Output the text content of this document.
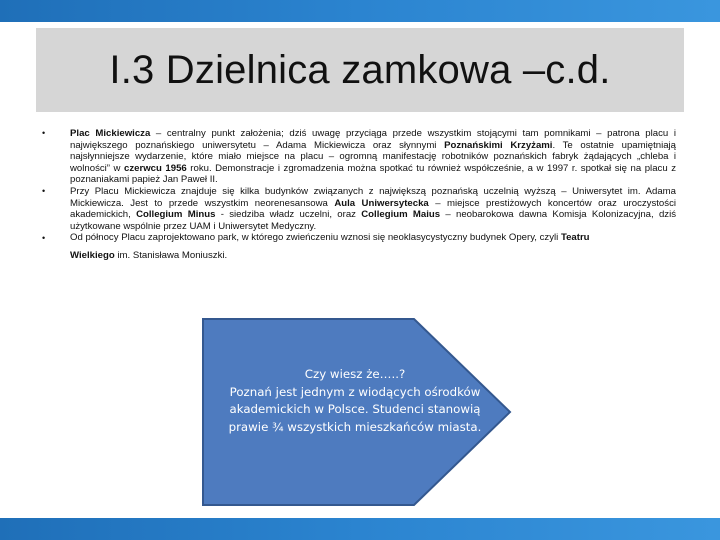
I.3 Dzielnica zamkowa –c.d.
•	Plac Mickiewicza – centralny punkt założenia; dziś uwagę przyciąga przede wszystkim stojącymi tam pomnikami – patrona placu i największego poznańskiego uniwersytetu – Adama Mickiewicza oraz słynnymi Poznańskimi Krzyżami. Te ostatnie upamiętniają najsłynniejsze wydarzenie, które miało miejsce na placu – ogromną manifestację robotników poznańskich fabryk żądających „chleba i wolności” w czerwcu 1956 roku. Demonstracje i zgromadzenia można spotkać tu również współcześnie, a w 1997 r. spotkał się na placu z poznaniakami papież Jan Paweł II.
•	Przy Placu Mickiewicza znajduje się kilka budynków związanych z największą poznańską uczelnią wyższą – Uniwersytet im. Adama Mickiewicza. Jest to przede wszystkim neorenesansowa Aula Uniwersytecka – miejsce prestiżowych koncertów oraz uroczystości akademickich, Collegium Minus - siedziba władz uczelni, oraz Collegium Maius – neobarokowa dawna Komisja Kolonizacyjna, dziś użytkowane wspólnie przez UAM i Uniwersytet Medyczny.
•	Od północy Placu zaprojektowano park, w którego zwieńczeniu wznosi się neoklasycystyczny budynek Opery, czyli Teatru
Wielkiego im. Stanisława Moniuszki.
Czy wiesz że…..?
Poznań jest jednym z wiodących ośrodków
akademickich w Polsce. Studenci stanowią
prawie ¾ wszystkich mieszkańców miasta.
